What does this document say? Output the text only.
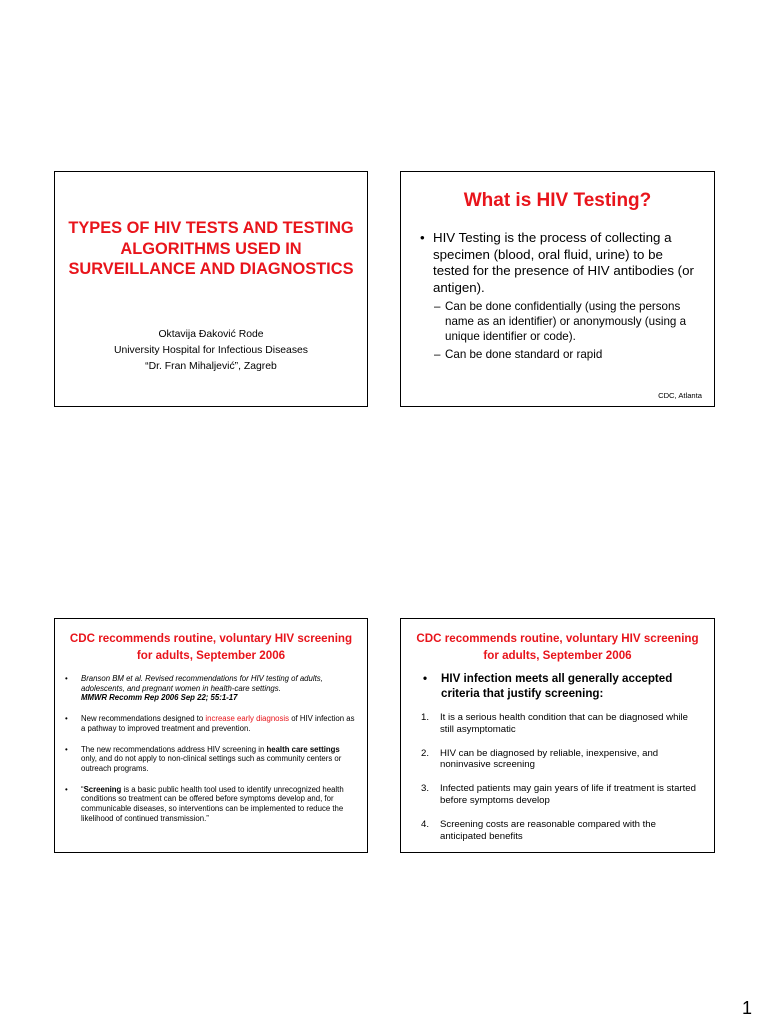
TYPES OF HIV TESTS AND TESTING ALGORITHMS USED IN SURVEILLANCE AND DIAGNOSTICS
Oktavija Đaković Rode
University Hospital for Infectious Diseases
“Dr. Fran Mihaljević”, Zagreb
What is HIV Testing?
• HIV Testing is the process of collecting a specimen (blood, oral fluid, urine) to be tested for the presence of HIV antibodies (or antigen).
– Can be done confidentially (using the persons name as an identifier) or anonymously (using a unique identifier or code).
– Can be done standard or rapid
CDC, Atlanta
CDC recommends routine, voluntary HIV screening for adults, September 2006
• Branson BM et al. Revised recommendations for HIV testing of adults, adolescents, and pregnant women in health-care settings.
MMWR Recomm Rep 2006 Sep 22; 55:1-17
• New recommendations designed to increase early diagnosis of HIV infection as a pathway to improved treatment and prevention.
• The new recommendations address HIV screening in health care settings only, and do not apply to non-clinical settings such as community centers or outreach programs.
• “Screening is a basic public health tool used to identify unrecognized health conditions so treatment can be offered before symptoms develop and, for communicable diseases, so interventions can be implemented to reduce the likelihood of continued transmission.”
CDC recommends routine, voluntary HIV screening for adults, September 2006
• HIV infection meets all generally accepted criteria that justify screening:
1. It is a serious health condition that can be diagnosed while still asymptomatic
2. HIV can be diagnosed by reliable, inexpensive, and noninvasive screening
3. Infected patients may gain years of life if treatment is started before symptoms develop
4. Screening costs are reasonable compared with the anticipated benefits
1
